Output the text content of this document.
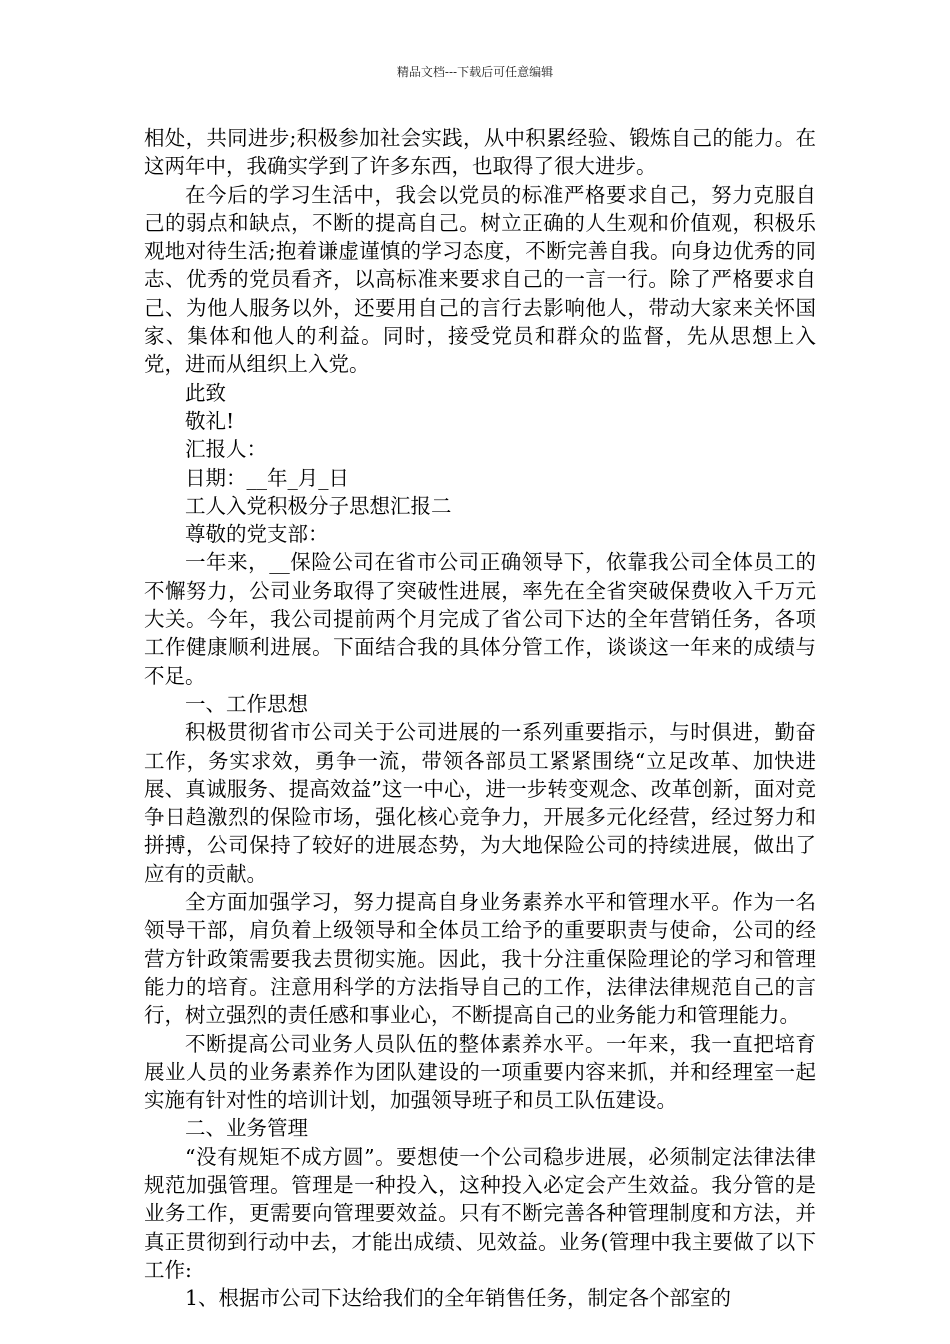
精品文档---下载后可任意编辑

相处，共同进步;积极参加社会实践，从中积累经验、锻炼自己的能力。在这两年中，我确实学到了许多东西，也取得了很大进步。

在今后的学习生活中，我会以党员的标准严格要求自己，努力克服自己的弱点和缺点，不断的提高自己。树立正确的人生观和价值观，积极乐观地对待生活;抱着谦虚谨慎的学习态度，不断完善自我。向身边优秀的同志、优秀的党员看齐，以高标准来要求自己的一言一行。除了严格要求自己、为他人服务以外，还要用自己的言行去影响他人，带动大家来关怀国家、集体和他人的利益。同时，接受党员和群众的监督，先从思想上入党，进而从组织上入党。

此致

敬礼!

汇报人：

日期：__年_月_日

工人入党积极分子思想汇报二

尊敬的党支部：

一年来，__保险公司在省市公司正确领导下，依靠我公司全体员工的不懈努力，公司业务取得了突破性进展，率先在全省突破保费收入千万元大关。今年，我公司提前两个月完成了省公司下达的全年营销任务，各项工作健康顺利进展。下面结合我的具体分管工作，谈谈这一年来的成绩与不足。

一、工作思想

积极贯彻省市公司关于公司进展的一系列重要指示，与时俱进，勤奋工作，务实求效，勇争一流，带领各部员工紧紧围绕“立足改革、加快进展、真诚服务、提高效益”这一中心，进一步转变观念、改革创新，面对竞争日趋激烈的保险市场，强化核心竞争力，开展多元化经营，经过努力和拼搏，公司保持了较好的进展态势，为大地保险公司的持续进展，做出了应有的贡献。

全方面加强学习，努力提高自身业务素养水平和管理水平。作为一名领导干部，肩负着上级领导和全体员工给予的重要职责与使命，公司的经营方针政策需要我去贯彻实施。因此，我十分注重保险理论的学习和管理能力的培育。注意用科学的方法指导自己的工作，法律法律规范自己的言行，树立强烈的责任感和事业心，不断提高自己的业务能力和管理能力。

不断提高公司业务人员队伍的整体素养水平。一年来，我一直把培育展业人员的业务素养作为团队建设的一项重要内容来抓，并和经理室一起实施有针对性的培训计划，加强领导班子和员工队伍建设。

二、业务管理

“没有规矩不成方圆”。要想使一个公司稳步进展，必须制定法律法律规范加强管理。管理是一种投入，这种投入必定会产生效益。我分管的是业务工作，更需要向管理要效益。只有不断完善各种管理制度和方法，并真正贯彻到行动中去，才能出成绩、见效益。业务(管理中我主要做了以下工作:

1、根据市公司下达给我们的全年销售任务，制定各个部室的
